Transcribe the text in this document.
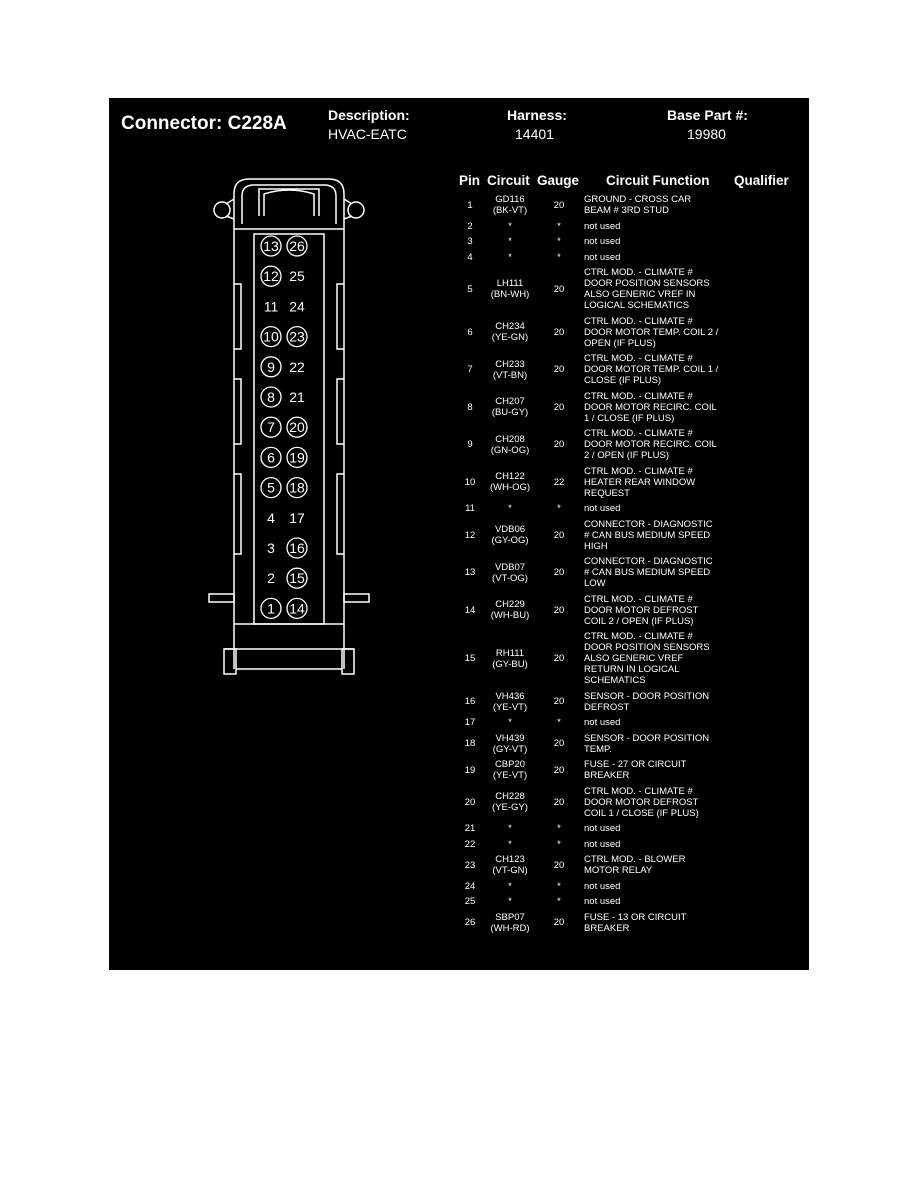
Connector: C228A	Description:
HVAC-EATC
Harness:
14401
Base Part #:
19980
13 26
12 25
11 24
10 23
9 22
8 21
7 20
6 19
5 18
4 17
3 16
2 15
1 14
Pin Circuit Gauge Circuit Function Qualifier
1	GD116
(BK-VT)	20	GROUND - CROSS CAR
BEAM # 3RD STUD
2	*	*	not used
3	*	*	not used
4	*	*	not used
5	LH111
(BN-WH)	20
CTRL MOD. - CLIMATE #
DOOR POSITION SENSORS
ALSO GENERIC VREF IN
LOGICAL SCHEMATICS
6	CH234
(YE-GN)	20
CTRL MOD. - CLIMATE #
DOOR MOTOR TEMP. COIL 2 /
OPEN (IF PLUS)
7	CH233
(VT-BN)	20
CTRL MOD. - CLIMATE #
DOOR MOTOR TEMP. COIL 1 /
CLOSE (IF PLUS)
8	CH207
(BU-GY)	20
CTRL MOD. - CLIMATE #
DOOR MOTOR RECIRC. COIL
1 / CLOSE (IF PLUS)
9	CH208
(GN-OG)	20
CTRL MOD. - CLIMATE #
DOOR MOTOR RECIRC. COIL
2 / OPEN (IF PLUS)
10	CH122
(WH-OG)	22
CTRL MOD. - CLIMATE #
HEATER REAR WINDOW
REQUEST
11	*	*	not used
12	VDB06
(GY-OG)	20
CONNECTOR - DIAGNOSTIC
# CAN BUS MEDIUM SPEED
HIGH
13	VDB07
(VT-OG)	20
CONNECTOR - DIAGNOSTIC
# CAN BUS MEDIUM SPEED
LOW
14	CH229
(WH-BU)	20
CTRL MOD. - CLIMATE #
DOOR MOTOR DEFROST
COIL 2 / OPEN (IF PLUS)
15	RH111
(GY-BU)	20
CTRL MOD. - CLIMATE #
DOOR POSITION SENSORS
ALSO GENERIC VREF
RETURN IN LOGICAL
SCHEMATICS
16	VH436
(YE-VT)	20	SENSOR - DOOR POSITION
DEFROST
17	*	*	not used
18	VH439
(GY-VT)	20	SENSOR - DOOR POSITION
TEMP.
19	CBP20
(YE-VT)	20	FUSE - 27 OR CIRCUIT
BREAKER
20	CH228
(YE-GY)	20
CTRL MOD. - CLIMATE #
DOOR MOTOR DEFROST
COIL 1 / CLOSE (IF PLUS)
21	*	*	not used
22	*	*	not used
23	CH123
(VT-GN)	20	CTRL MOD. - BLOWER
MOTOR RELAY
24	*	*	not used
25	*	*	not used
26	SBP07
(WH-RD)	20	FUSE - 13 OR CIRCUIT
BREAKER
